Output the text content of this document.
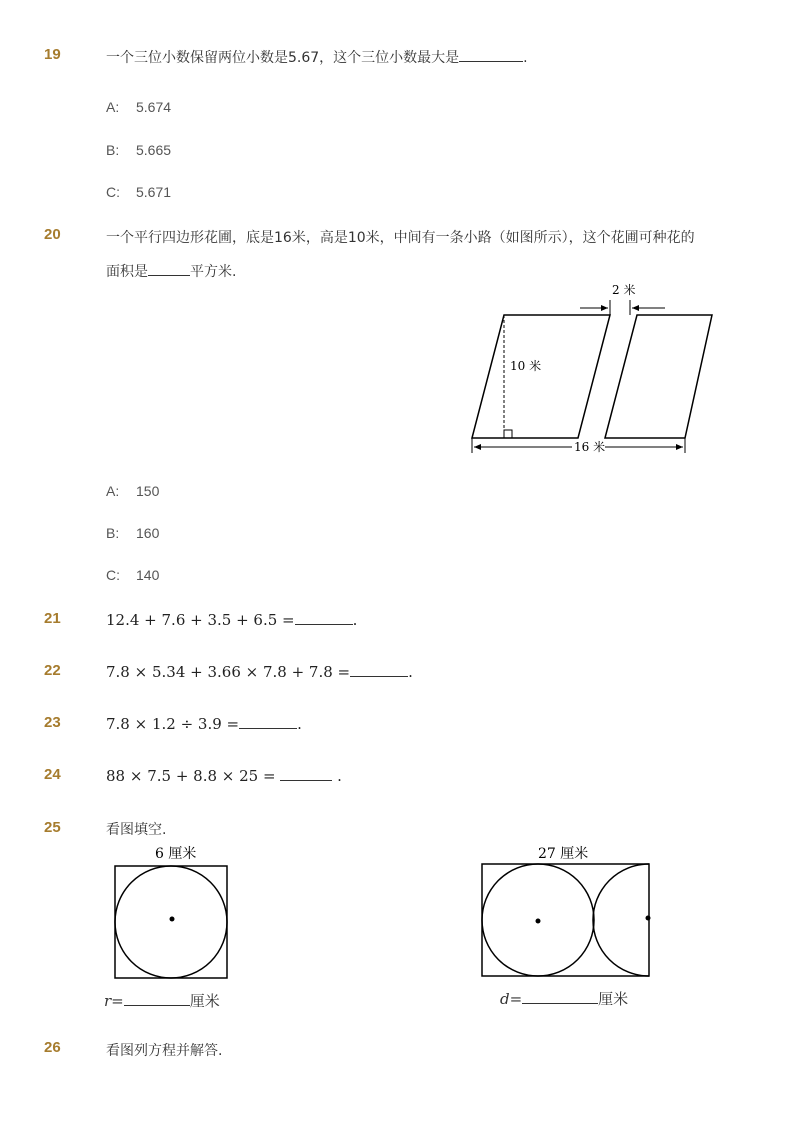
19	一个三位小数保留两位小数是5.67，这个三位小数最大是	.
A: 5.674
B: 5.665
C: 5.671
20	一个平行四边形花圃，底是16米，高是10米，中间有一条小路（如图所示），这个花圃可种花的
面积是	平方米.
2 米
10 米
16 米
A: 150
B: 160
C: 140
21	12.4 + 7.6 + 3.5 + 6.5 =	.
22	7.8 × 5.34 + 3.66 × 7.8 + 7.8 =	.
23	7.8 × 1.2 ÷ 3.9 =	.
24	88 × 7.5 + 8.8 × 25 =	.
25	看图填空.
6 厘米
r=	厘米
27 厘米
d=	厘米
26	看图列方程并解答.
